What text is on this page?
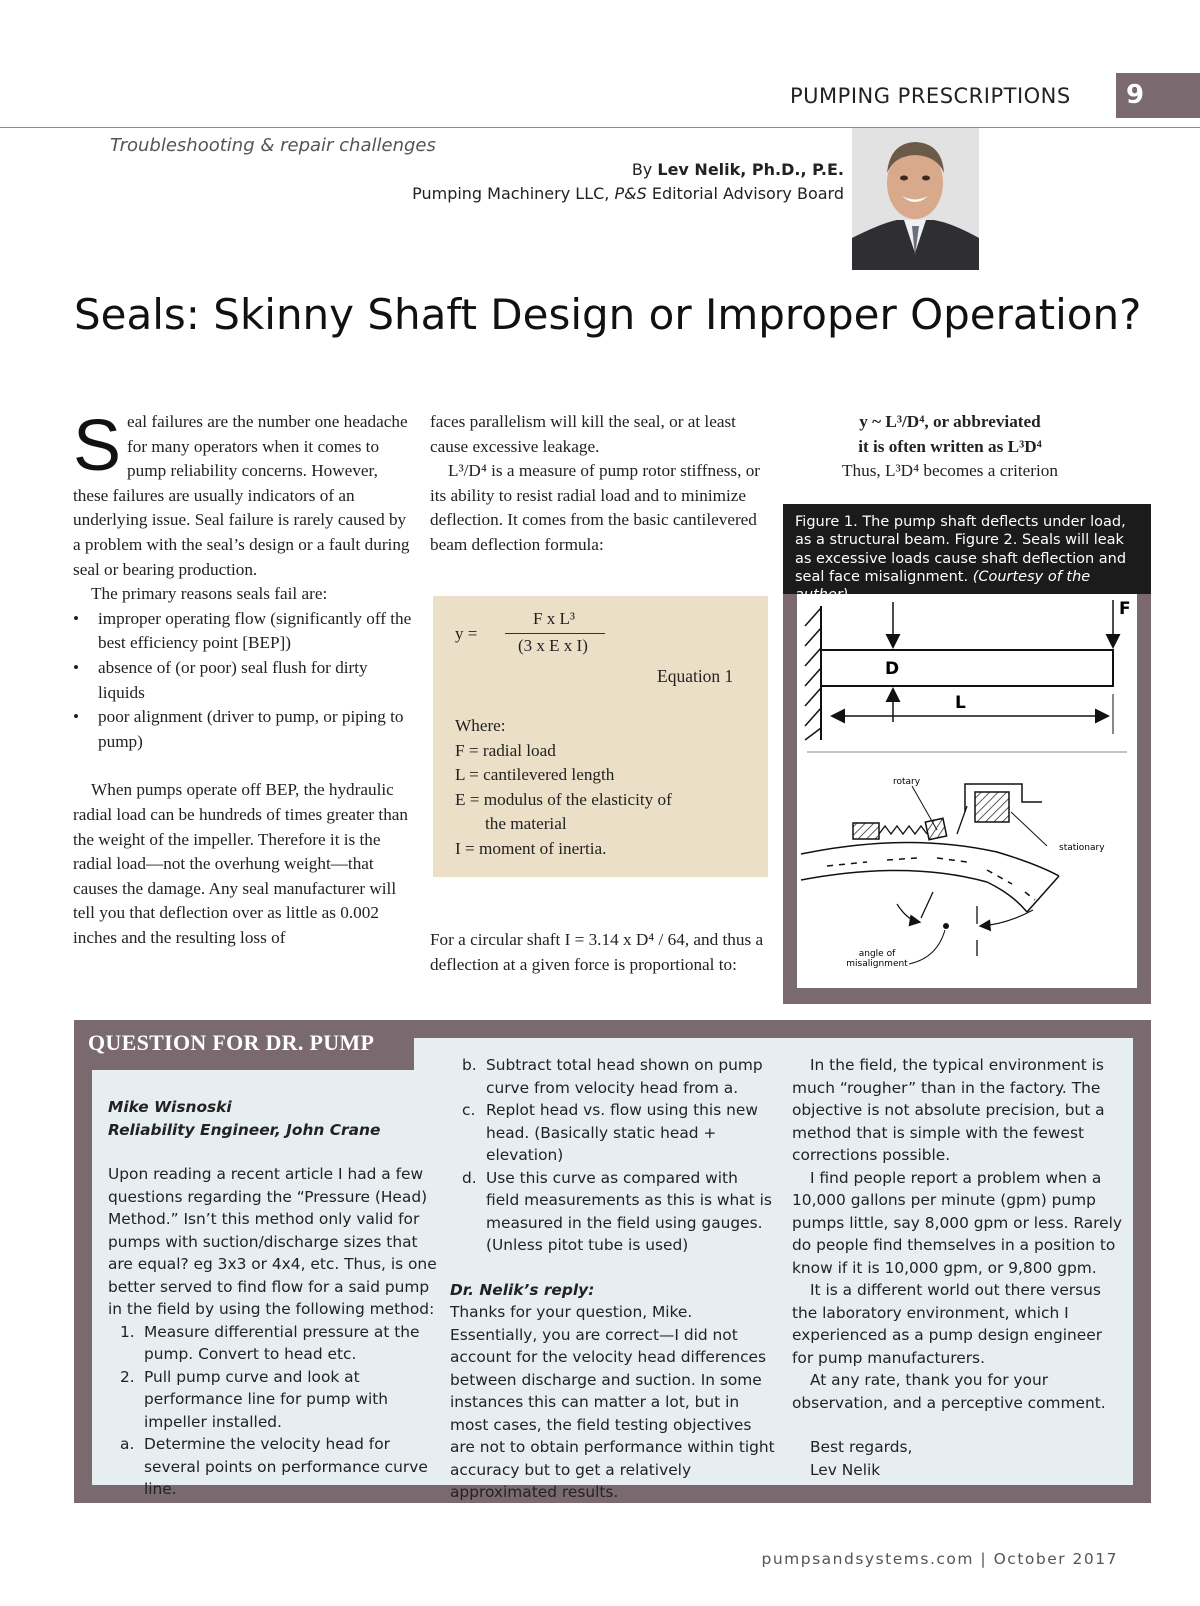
PUMPING PRESCRIPTIONS 9
Troubleshooting & repair challenges
By Lev Nelik, Ph.D., P.E.
Pumping Machinery LLC, P&S Editorial Advisory Board
Seals: Skinny Shaft Design or Improper Operation?

Seal failures are the number one headache for many operators when it comes to pump reliability concerns. However, these failures are usually indicators of an underlying issue. Seal failure is rarely caused by a problem with the seal’s design or a fault during seal or bearing production.

The primary reasons seals fail are:

• improper operating flow (significantly off the best efficiency point [BEP])
• absence of (or poor) seal flush for dirty liquids
• poor alignment (driver to pump, or piping to pump)

When pumps operate off BEP, the hydraulic radial load can be hundreds of times greater than the weight of the impeller. Therefore it is the radial load—not the overhung weight—that causes the damage. Any seal manufacturer will tell you that deflection over as little as 0.002 inches and the resulting loss of

faces parallelism will kill the seal, or at least cause excessive leakage.

L³/D⁴ is a measure of pump rotor stiffness, or its ability to resist radial load and to minimize deflection. It comes from the basic cantilevered beam deflection formula:

y =
F x L³
(3 x E x I)
Equation 1
Where:
F = radial load
L = cantilevered length
E = modulus of the elasticity of
the material
I = moment of inertia.
For a circular shaft I = 3.14 x D⁴ / 64, and thus a deflection at a given force is proportional to:
y ~ L³/D⁴, or abbreviated
it is often written as L³D⁴
Thus, L³D⁴ becomes a criterion
Figure 1. The pump shaft deflects under load, as a structural beam. Figure 2. Seals will leak as excessive loads cause shaft deflection and seal face misalignment. (Courtesy of the
F
D
L
rotary
stationary
angle of
misalignment
QUESTION FOR DR. PUMP
Mike Wisnoski
Reliability Engineer, John Crane

Upon reading a recent article I had a few questions regarding the “Pressure (Head) Method.” Isn’t this method only valid for pumps with suction/discharge sizes that are equal? eg 3x3 or 4x4, etc. Thus, is one better served to find flow for a said pump in the field by using the following method:

1. Measure differential pressure at the pump. Convert to head etc.
2. Pull pump curve and look at performance line for pump with impeller installed.
a. Determine the velocity head for several points on performance curve line.
b. Subtract total head shown on pump curve from velocity head from a.
c. Replot head vs. flow using this new head. (Basically static head + elevation)
d. Use this curve as compared with field measurements as this is what is measured in the field using gauges. (Unless pitot tube is used)
Dr. Nelik’s reply:

Thanks for your question, Mike. Essentially, you are correct—I did not account for the velocity head differences between discharge and suction. In some instances this can matter a lot, but in most cases, the field testing objectives are not to obtain performance within tight accuracy but to get a relatively approximated results.

In the field, the typical environment is much “rougher” than in the factory. The objective is not absolute precision, but a method that is simple with the fewest corrections possible.

I find people report a problem when a 10,000 gallons per minute (gpm) pump pumps little, say 8,000 gpm or less. Rarely do people find themselves in a position to know if it is 10,000 gpm, or 9,800 gpm.

It is a different world out there versus the laboratory environment, which I experienced as a pump design engineer for pump manufacturers.

At any rate, thank you for your observation, and a perceptive comment.

Best regards,

Lev Nelik

pumpsandsystems.com | October 2017
